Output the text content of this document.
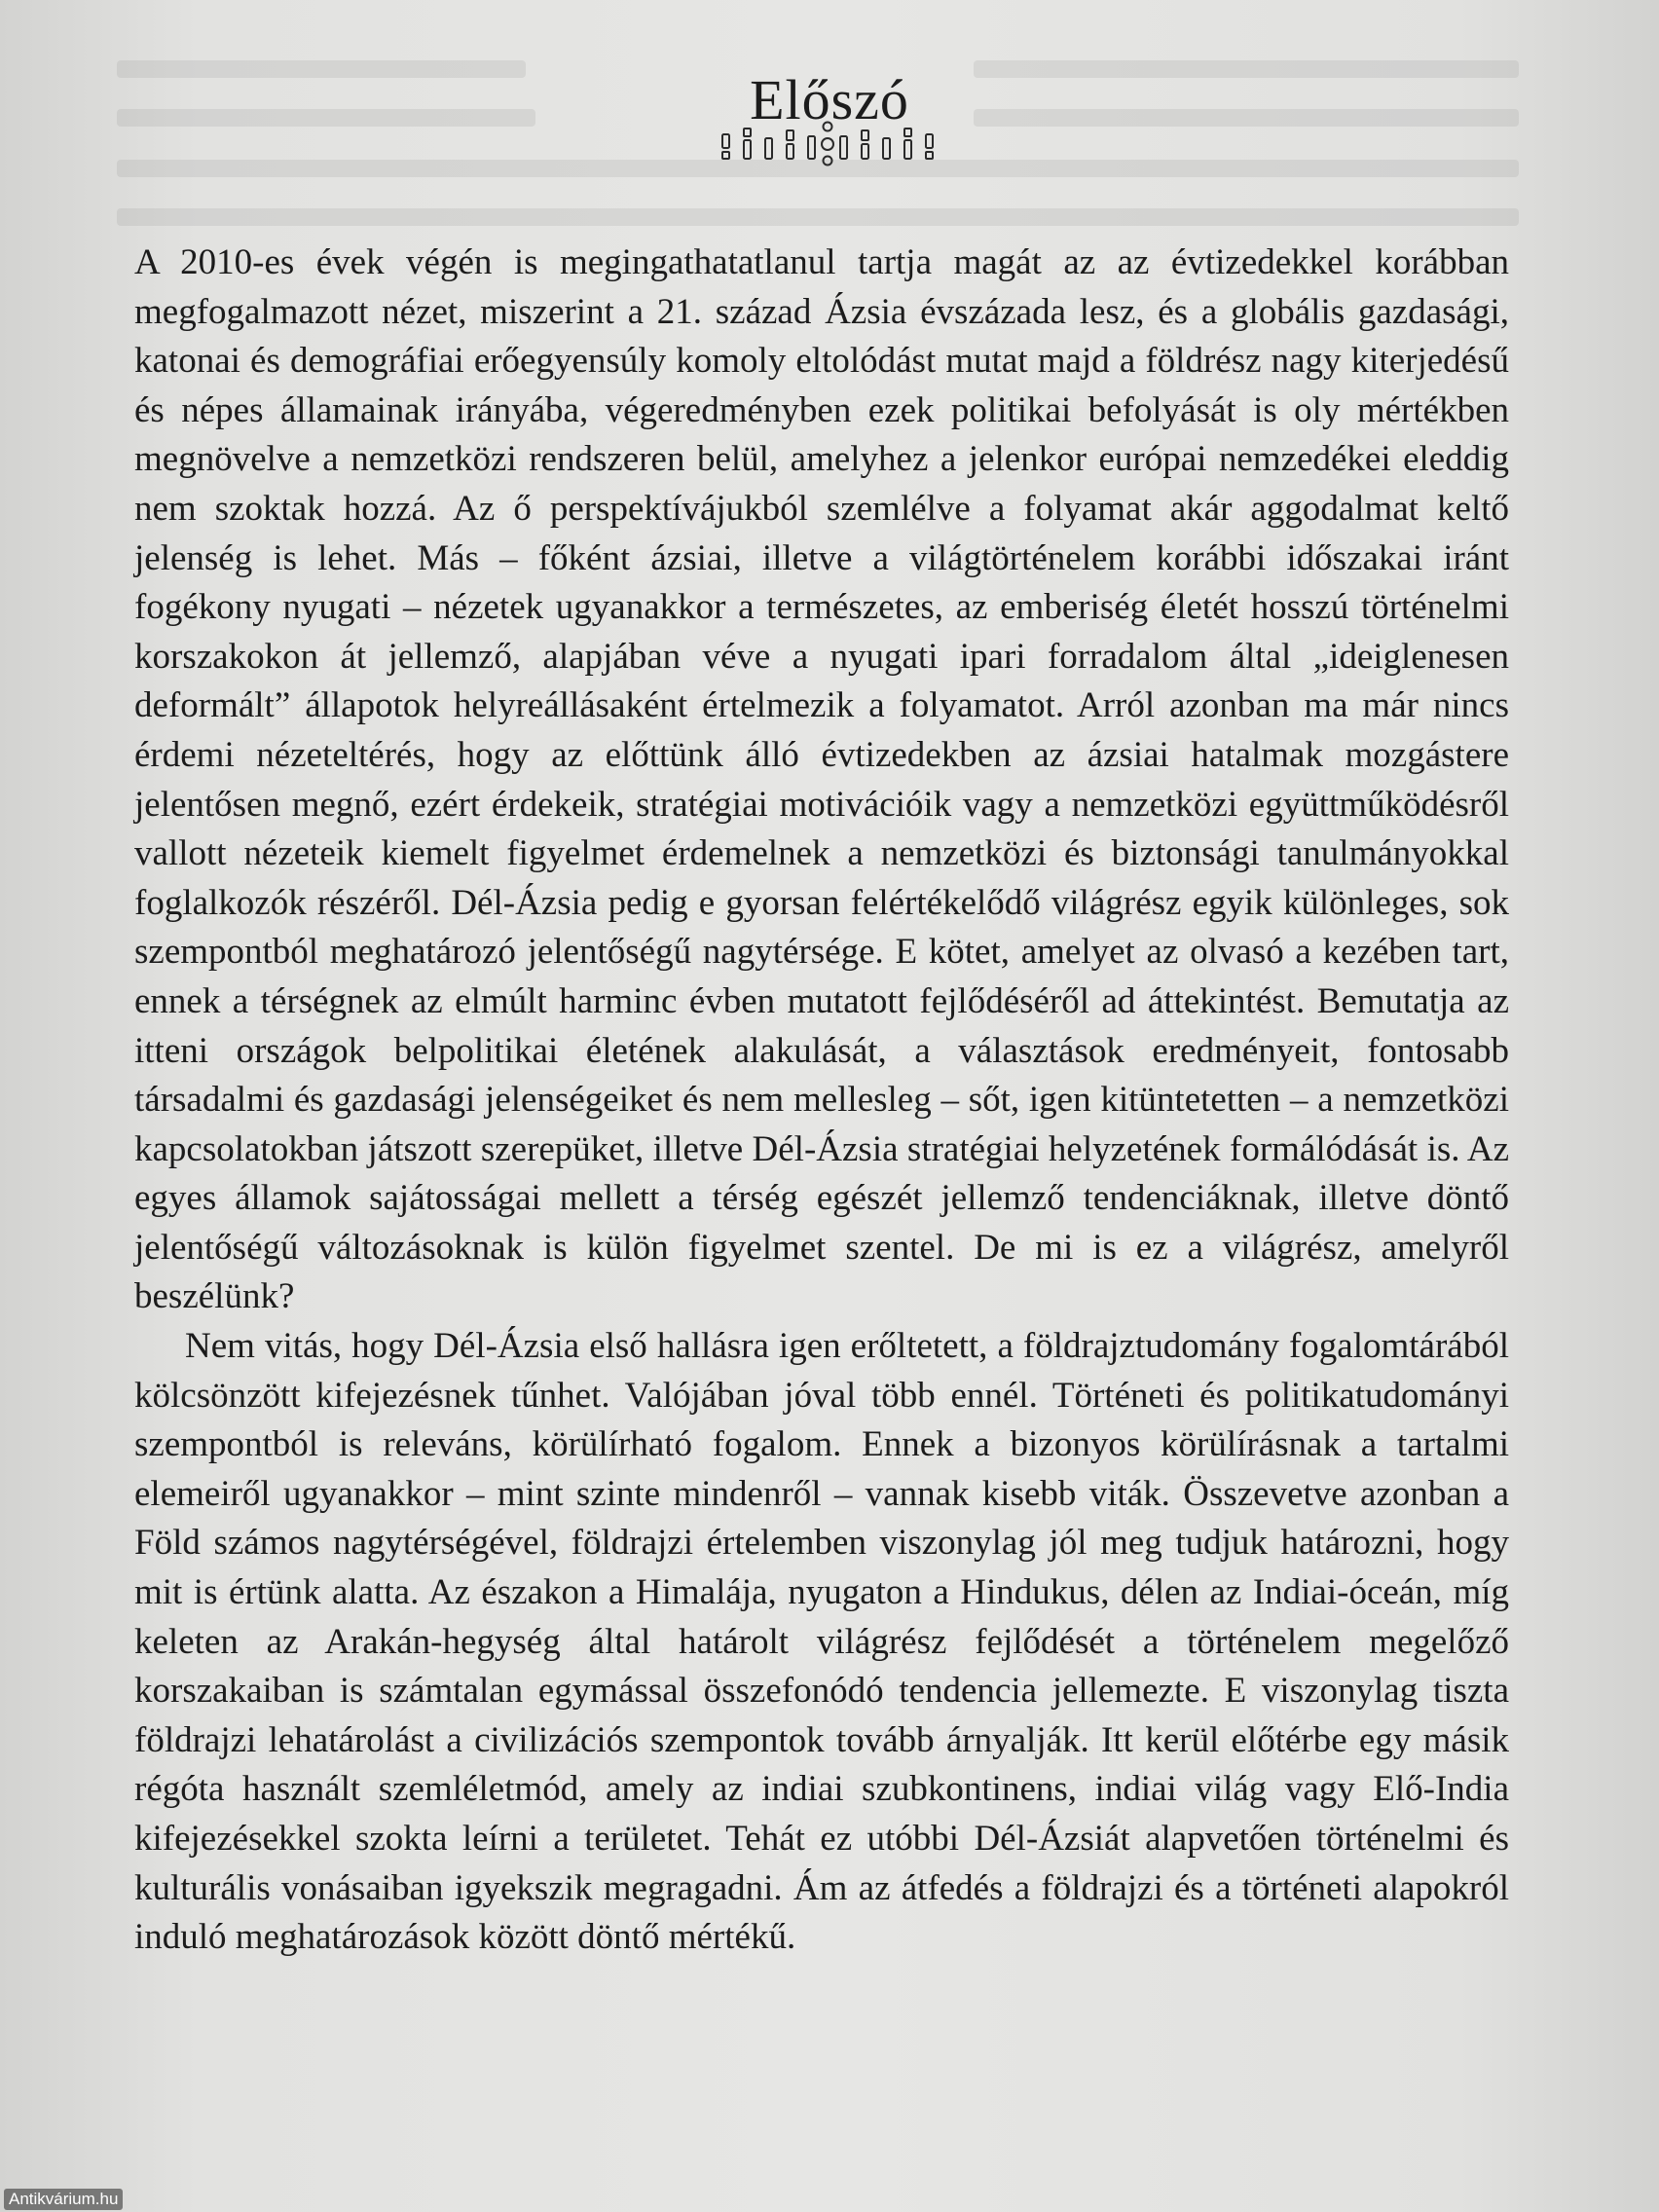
Előszó

A 2010-es évek végén is megingathatatlanul tartja magát az az évtizedekkel korábban megfogalmazott nézet, miszerint a 21. század Ázsia évszázada lesz, és a globális gazdasági, katonai és demográfiai erőegyensúly komoly eltolódást mutat majd a földrész nagy kiterjedésű és népes államainak irányába, végeredményben ezek politikai befolyását is oly mértékben megnövelve a nemzetközi rendszeren belül, amelyhez a jelenkor európai nemzedékei eleddig nem szoktak hozzá. Az ő perspektívájukból szemlélve a folyamat akár aggodalmat keltő jelenség is lehet. Más – főként ázsiai, illetve a világtörténelem korábbi időszakai iránt fogékony nyugati – nézetek ugyanakkor a természetes, az emberiség életét hosszú történelmi korszakokon át jellemző, alapjában véve a nyugati ipari forradalom által „ideiglenesen deformált” állapotok helyreállásaként értelmezik a folyamatot. Arról azonban ma már nincs érdemi nézeteltérés, hogy az előttünk álló évtizedekben az ázsiai hatalmak mozgástere jelentősen megnő, ezért érdekeik, stratégiai motivációik vagy a nemzetközi együttműködésről vallott nézeteik kiemelt figyelmet érdemelnek a nemzetközi és biztonsági tanulmányokkal foglalkozók részéről. Dél-Ázsia pedig e gyorsan felértékelődő világrész egyik különleges, sok szempontból meghatározó jelentőségű nagytérsége. E kötet, amelyet az olvasó a kezében tart, ennek a térségnek az elmúlt harminc évben mutatott fejlődéséről ad áttekintést. Bemutatja az itteni országok belpolitikai életének alakulását, a választások eredményeit, fontosabb társadalmi és gazdasági jelenségeiket és nem mellesleg – sőt, igen kitüntetetten – a nemzetközi kapcsolatokban játszott szerepüket, illetve Dél-Ázsia stratégiai helyzetének formálódását is. Az egyes államok sajátosságai mellett a térség egészét jellemző tendenciáknak, illetve döntő jelentőségű változásoknak is külön figyelmet szentel. De mi is ez a világrész, amelyről beszélünk?

Nem vitás, hogy Dél-Ázsia első hallásra igen erőltetett, a földrajztudomány fogalomtárából kölcsönzött kifejezésnek tűnhet. Valójában jóval több ennél. Történeti és politikatudományi szempontból is releváns, körülírható fogalom. Ennek a bizonyos körülírásnak a tartalmi elemeiről ugyanakkor – mint szinte mindenről – vannak kisebb viták. Összevetve azonban a Föld számos nagytérségével, földrajzi értelemben viszonylag jól meg tudjuk határozni, hogy mit is értünk alatta. Az északon a Himalája, nyugaton a Hindukus, délen az Indiai-óceán, míg keleten az Arakán-hegység által határolt világrész fejlődését a történelem megelőző korszakaiban is számtalan egymással összefonódó tendencia jellemezte. E viszonylag tiszta földrajzi lehatárolást a civilizációs szempontok tovább árnyalják. Itt kerül előtérbe egy másik régóta használt szemléletmód, amely az indiai szubkontinens, indiai világ vagy Elő-India kifejezésekkel szokta leírni a területet. Tehát ez utóbbi Dél-Ázsiát alapvetően történelmi és kulturális vonásaiban igyekszik megragadni. Ám az átfedés a földrajzi és a történeti alapokról induló meghatározások között döntő mértékű.

Antikvárium.hu
